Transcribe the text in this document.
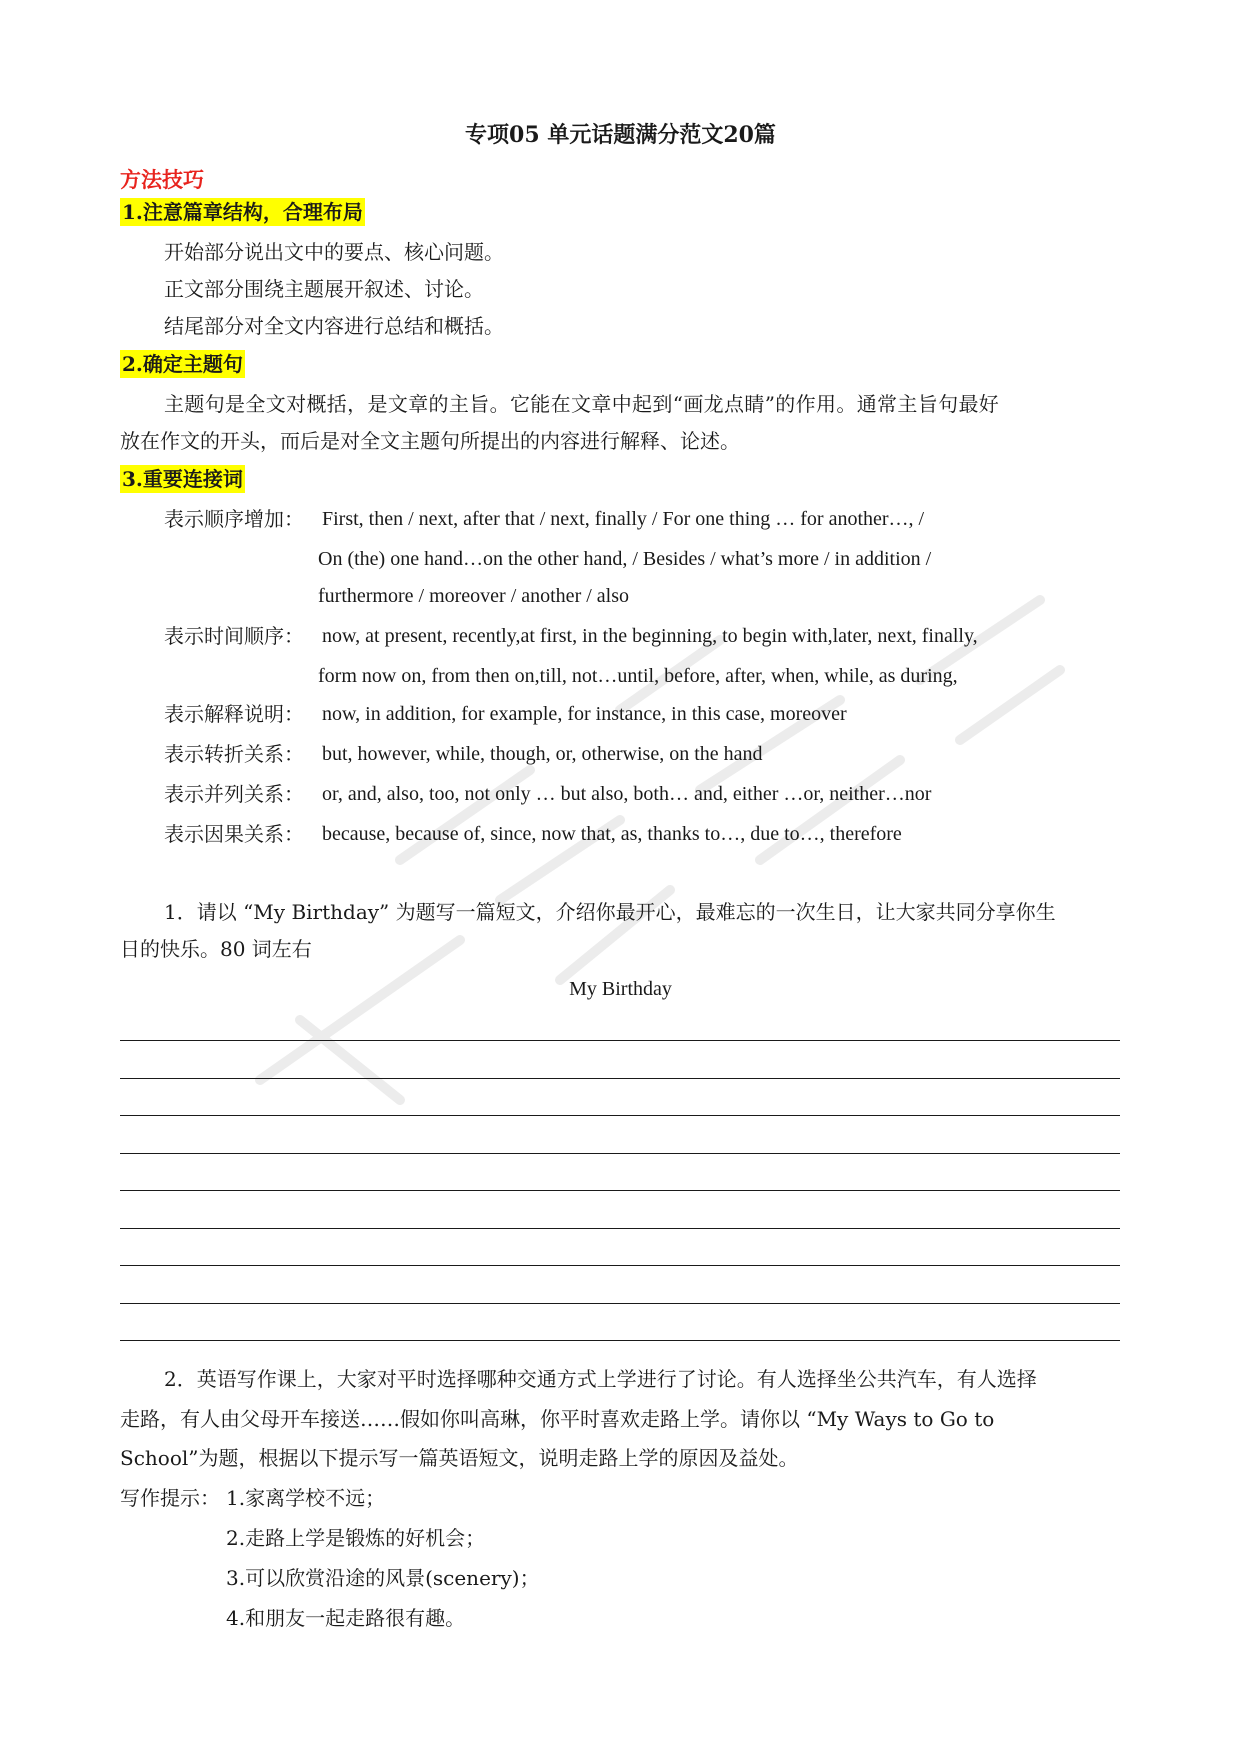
专项05 单元话题满分范文20篇
方法技巧
1.注意篇章结构，合理布局
开始部分说出文中的要点、核心问题。
正文部分围绕主题展开叙述、讨论。
结尾部分对全文内容进行总结和概括。
2.确定主题句
主题句是全文对概括，是文章的主旨。它能在文章中起到“画龙点睛”的作用。通常主旨句最好
放在作文的开头，而后是对全文主题句所提出的内容进行解释、论述。
3.重要连接词
表示顺序增加： First, then / next, after that / next, finally / For one thing … for another…, /
On (the) one hand…on the other hand, / Besides / what’s more / in addition /
furthermore / moreover / another / also
表示时间顺序： now, at present, recently,at first, in the beginning, to begin with,later, next, finally,
form now on, from then on,till, not…until, before, after, when, while, as during,
表示解释说明： now, in addition, for example, for instance, in this case, moreover
表示转折关系： but, however, while, though, or, otherwise, on the hand
表示并列关系： or, and, also, too, not only … but also, both… and, either …or, neither…nor
表示因果关系： because, because of, since, now that, as, thanks to…, due to…, therefore
1．请以 “My Birthday” 为题写一篇短文，介绍你最开心，最难忘的一次生日，让大家共同分享你生
日的快乐。80 词左右
My Birthday
2．英语写作课上，大家对平时选择哪种交通方式上学进行了讨论。有人选择坐公共汽车，有人选择
走路，有人由父母开车接送……假如你叫高琳，你平时喜欢走路上学。请你以 “My Ways to Go to
School”为题，根据以下提示写一篇英语短文，说明走路上学的原因及益处。
写作提示： 1.家离学校不远；
2.走路上学是锻炼的好机会；
3.可以欣赏沿途的风景(scenery)；
4.和朋友一起走路很有趣。
